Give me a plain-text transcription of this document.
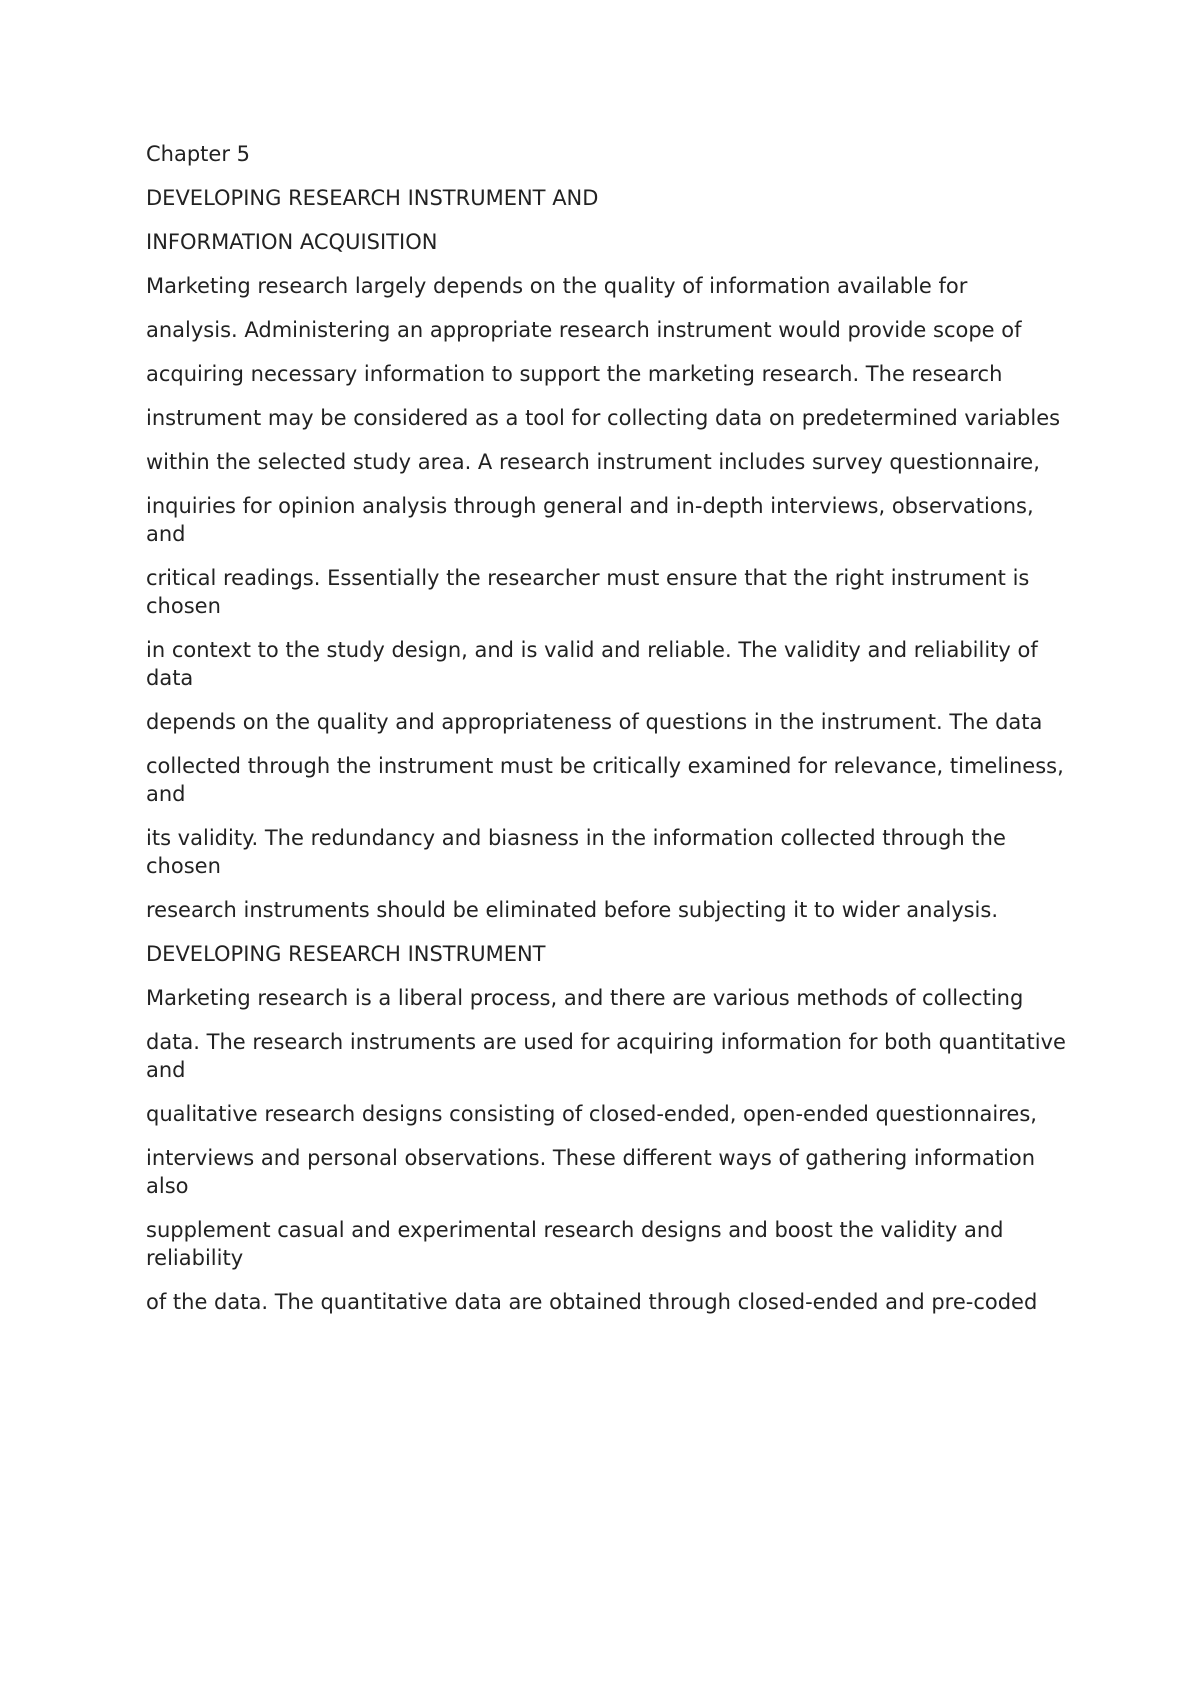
Chapter 5

DEVELOPING RESEARCH INSTRUMENT AND

INFORMATION ACQUISITION

Marketing research largely depends on the quality of information available for

analysis. Administering an appropriate research instrument would provide scope of

acquiring necessary information to support the marketing research. The research

instrument may be considered as a tool for collecting data on predetermined variables

within the selected study area. A research instrument includes survey questionnaire,

inquiries for opinion analysis through general and in-depth interviews, observations, and

critical readings. Essentially the researcher must ensure that the right instrument is chosen

in context to the study design, and is valid and reliable. The validity and reliability of data

depends on the quality and appropriateness of questions in the instrument. The data

collected through the instrument must be critically examined for relevance, timeliness, and

its validity. The redundancy and biasness in the information collected through the chosen

research instruments should be eliminated before subjecting it to wider analysis.

DEVELOPING RESEARCH INSTRUMENT

Marketing research is a liberal process, and there are various methods of collecting

data. The research instruments are used for acquiring information for both quantitative and

qualitative research designs consisting of closed-ended, open-ended questionnaires,

interviews and personal observations. These different ways of gathering information also

supplement casual and experimental research designs and boost the validity and reliability

of the data. The quantitative data are obtained through closed-ended and pre-coded
